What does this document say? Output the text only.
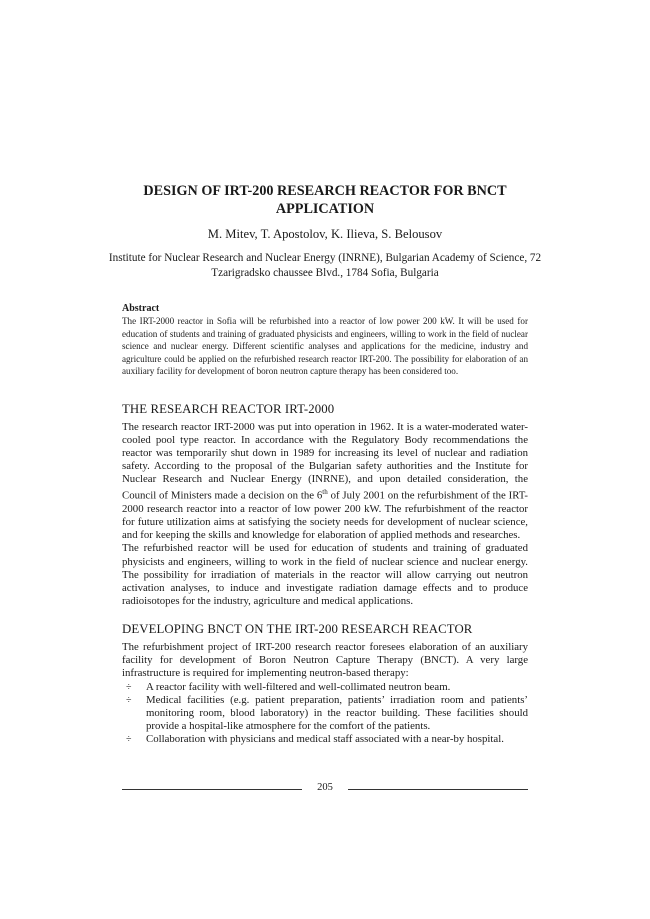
DESIGN OF IRT-200 RESEARCH REACTOR FOR BNCT
APPLICATION
M. Mitev, T. Apostolov, K. Ilieva, S. Belousov
Institute for Nuclear Research and Nuclear Energy (INRNE), Bulgarian Academy of Science, 72 Tzarigradsko chaussee Blvd., 1784 Sofia, Bulgaria
Abstract

The IRT-2000 reactor in Sofia will be refurbished into a reactor of low power 200 kW. It will be used for education of students and training of graduated physicists and engineers, willing to work in the field of nuclear science and nuclear energy. Different scientific analyses and applications for the medicine, industry and agriculture could be applied on the refurbished research reactor IRT-200. The possibility for elaboration of an auxiliary facility for development of boron neutron capture therapy has been considered too.

THE RESEARCH REACTOR IRT-2000

The research reactor IRT-2000 was put into operation in 1962. It is a water-moderated water-cooled pool type reactor. In accordance with the Regulatory Body recommendations the reactor was temporarily shut down in 1989 for increasing its level of nuclear and radiation safety. According to the proposal of the Bulgarian safety authorities and the Institute for Nuclear Research and Nuclear Energy (INRNE), and upon detailed consideration, the Council of Ministers made a decision on the 6th of July 2001 on the refurbishment of the IRT-2000 research reactor into a reactor of low power 200 kW. The refurbishment of the reactor for future utilization aims at satisfying the society needs for development of nuclear science, and for keeping the skills and knowledge for elaboration of applied methods and researches.
The refurbished reactor will be used for education of students and training of graduated physicists and engineers, willing to work in the field of nuclear science and nuclear energy. The possibility for irradiation of materials in the reactor will allow carrying out neutron activation analyses, to induce and investigate radiation damage effects and to produce radioisotopes for the industry, agriculture and medical applications.

DEVELOPING BNCT ON THE IRT-200 RESEARCH REACTOR

The refurbishment project of IRT-200 research reactor foresees elaboration of an auxiliary facility for development of Boron Neutron Capture Therapy (BNCT). A very large infrastructure is required for implementing neutron-based therapy:

÷ A reactor facility with well-filtered and well-collimated neutron beam.
÷ Medical facilities (e.g. patient preparation, patients’ irradiation room and patients’ monitoring room, blood laboratory) in the reactor building. These facilities should provide a hospital-like atmosphere for the comfort of the patients.
÷ Collaboration with physicians and medical staff associated with a near-by hospital.
205
